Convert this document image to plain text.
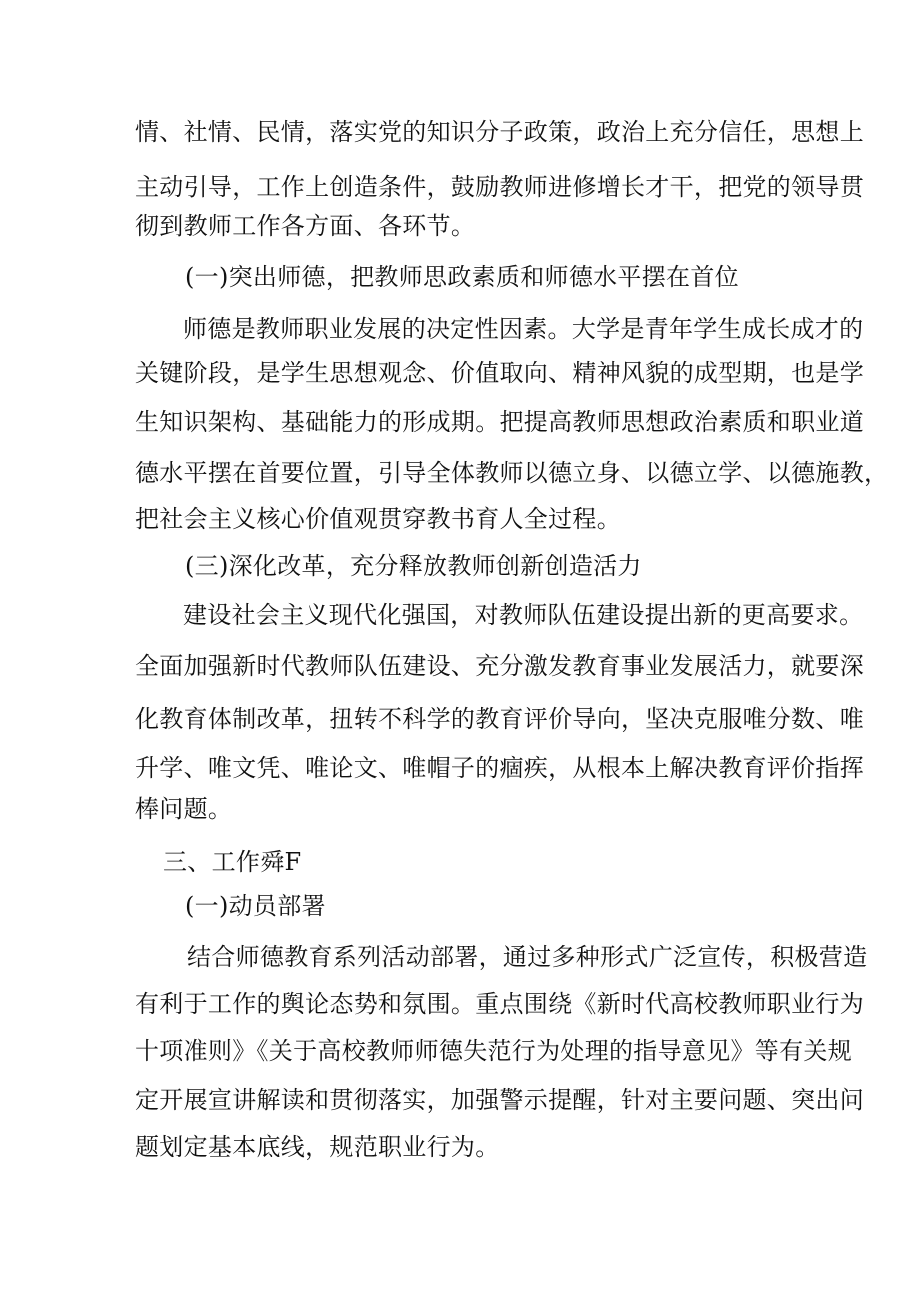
情、社情、民情，落实党的知识分子政策，政治上充分信任，思想上
主动引导，工作上创造条件，鼓励教师进修增长才干，把党的领导贯
彻到教师工作各方面、各环节。
(一)突出师德，把教师思政素质和师德水平摆在首位
师德是教师职业发展的决定性因素。大学是青年学生成长成才的
关键阶段，是学生思想观念、价值取向、精神风貌的成型期，也是学
生知识架构、基础能力的形成期。把提高教师思想政治素质和职业道
德水平摆在首要位置，引导全体教师以德立身、以德立学、以德施教，
把社会主义核心价值观贯穿教书育人全过程。
(三)深化改革，充分释放教师创新创造活力
建设社会主义现代化强国，对教师队伍建设提出新的更高要求。
全面加强新时代教师队伍建设、充分激发教育事业发展活力，就要深
化教育体制改革，扭转不科学的教育评价导向，坚决克服唯分数、唯
升学、唯文凭、唯论文、唯帽子的痼疾，从根本上解决教育评价指挥
棒问题。
三、工作舜F
(一)动员部署
结合师德教育系列活动部署，通过多种形式广泛宣传，积极营造
有利于工作的舆论态势和氛围。重点围绕《新时代高校教师职业行为
十项准则》《关于高校教师师德失范行为处理的指导意见》等有关规
定开展宣讲解读和贯彻落实，加强警示提醒，针对主要问题、突出问
题划定基本底线，规范职业行为。
